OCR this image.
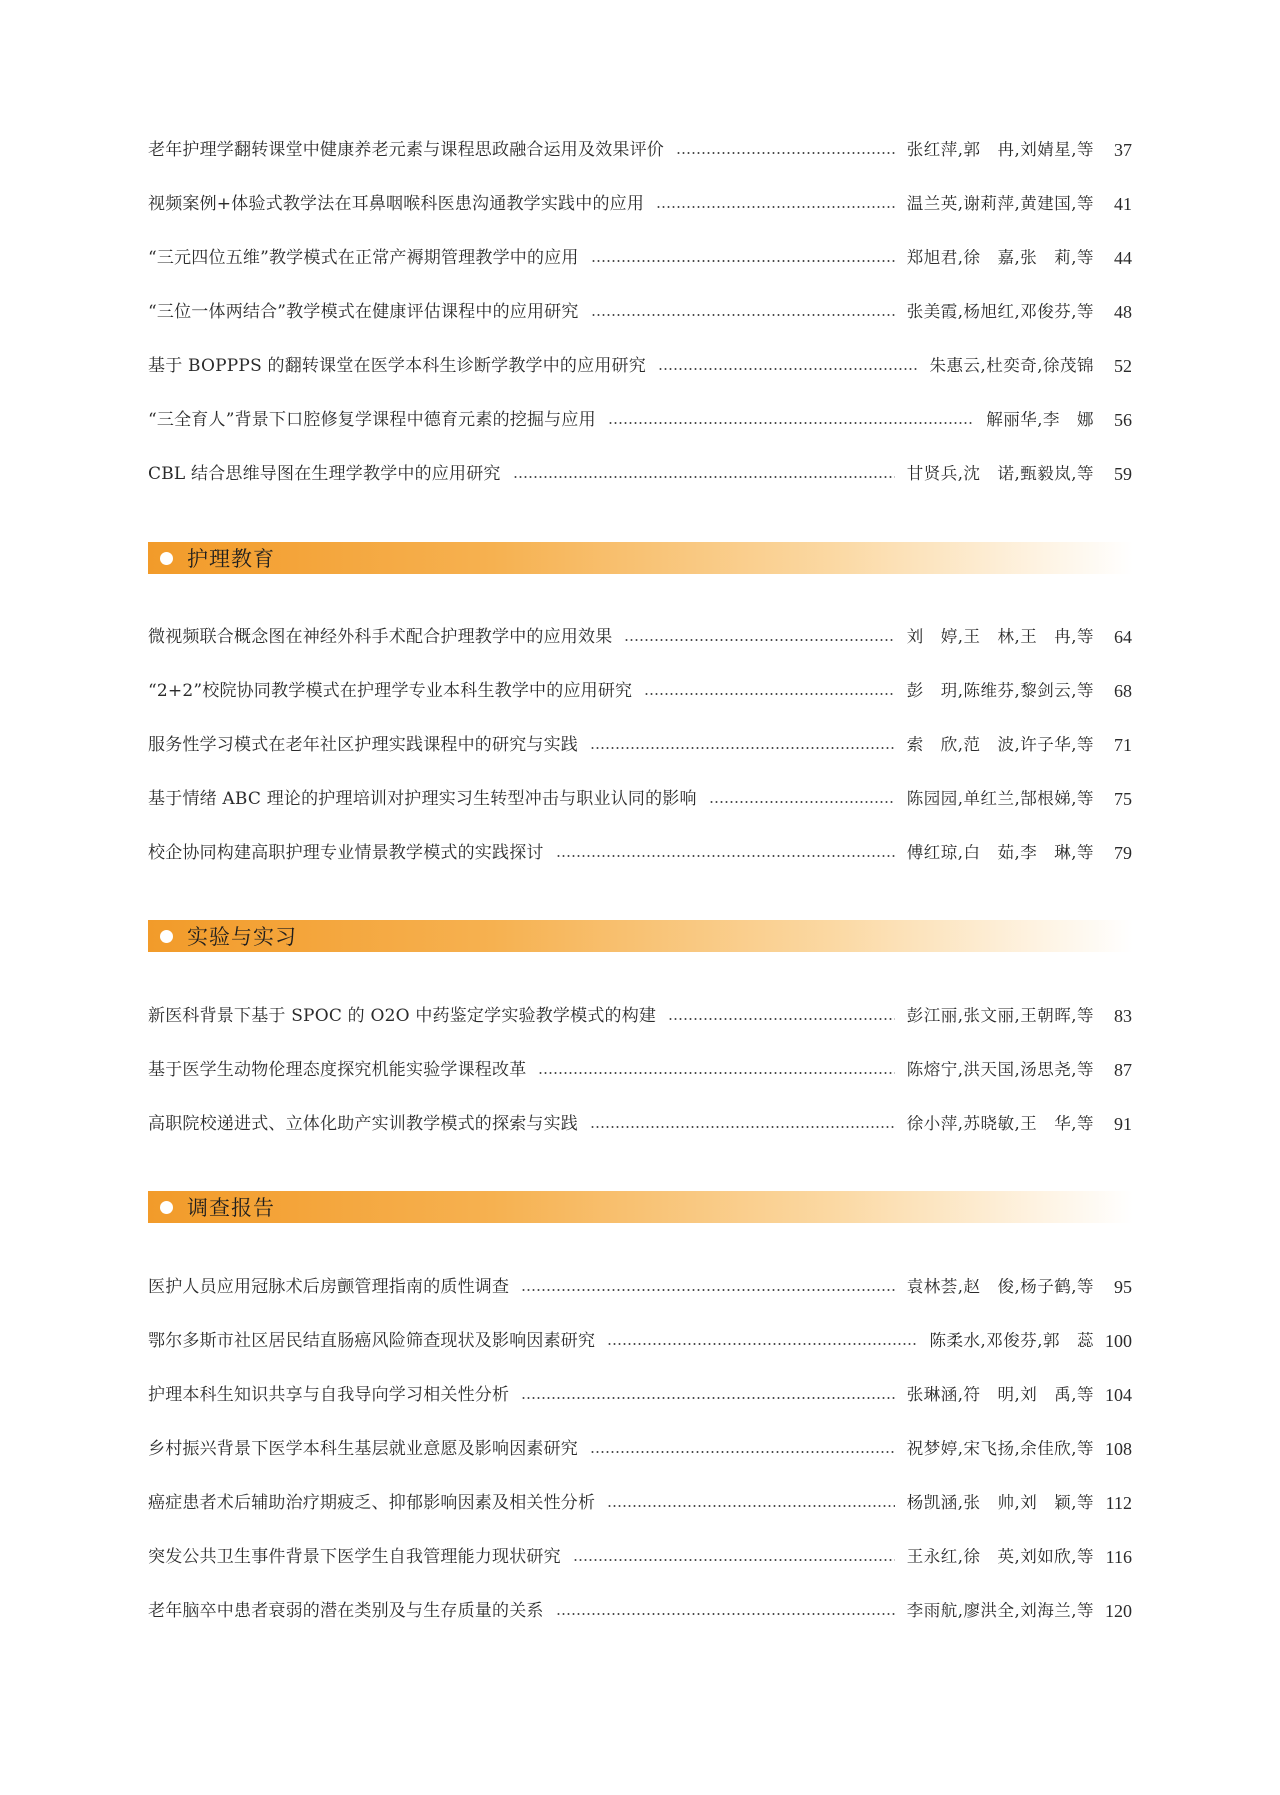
老年护理学翻转课堂中健康养老元素与课程思政融合运用及效果评价	张红萍,郭　冉,刘婧星,等	37
视频案例+体验式教学法在耳鼻咽喉科医患沟通教学实践中的应用	温兰英,谢莉萍,黄建国,等	41
“三元四位五维”教学模式在正常产褥期管理教学中的应用	郑旭君,徐　嘉,张　莉,等	44
“三位一体两结合”教学模式在健康评估课程中的应用研究	张美霞,杨旭红,邓俊芬,等	48
基于 BOPPPS 的翻转课堂在医学本科生诊断学教学中的应用研究	朱惠云,杜奕奇,徐茂锦	52
“三全育人”背景下口腔修复学课程中德育元素的挖掘与应用	解丽华,李　娜	56
CBL 结合思维导图在生理学教学中的应用研究	甘贤兵,沈　诺,甄毅岚,等	59
护理教育
微视频联合概念图在神经外科手术配合护理教学中的应用效果	刘　婷,王　林,王　冉,等	64
“2+2”校院协同教学模式在护理学专业本科生教学中的应用研究	彭　玥,陈维芬,黎剑云,等	68
服务性学习模式在老年社区护理实践课程中的研究与实践	索　欣,范　波,许子华,等	71
基于情绪 ABC 理论的护理培训对护理实习生转型冲击与职业认同的影响	陈园园,单红兰,郜根娣,等	75
校企协同构建高职护理专业情景教学模式的实践探讨	傅红琼,白　茹,李　琳,等	79
实验与实习
新医科背景下基于 SPOC 的 O2O 中药鉴定学实验教学模式的构建	彭江丽,张文丽,王朝晖,等	83
基于医学生动物伦理态度探究机能实验学课程改革	陈熔宁,洪天国,汤思尧,等	87
高职院校递进式、立体化助产实训教学模式的探索与实践	徐小萍,苏晓敏,王　华,等	91
调查报告
医护人员应用冠脉术后房颤管理指南的质性调查	袁林荟,赵　俊,杨子鹤,等	95
鄂尔多斯市社区居民结直肠癌风险筛查现状及影响因素研究	陈柔水,邓俊芬,郭　蕊 100
护理本科生知识共享与自我导向学习相关性分析	张琳涵,符　明,刘　禹,等 104
乡村振兴背景下医学本科生基层就业意愿及影响因素研究	祝梦婷,宋飞扬,余佳欣,等 108
癌症患者术后辅助治疗期疲乏、抑郁影响因素及相关性分析	杨凯涵,张　帅,刘　颖,等 112
突发公共卫生事件背景下医学生自我管理能力现状研究	王永红,徐　英,刘如欣,等 116
老年脑卒中患者衰弱的潜在类别及与生存质量的关系	李雨航,廖洪全,刘海兰,等 120
